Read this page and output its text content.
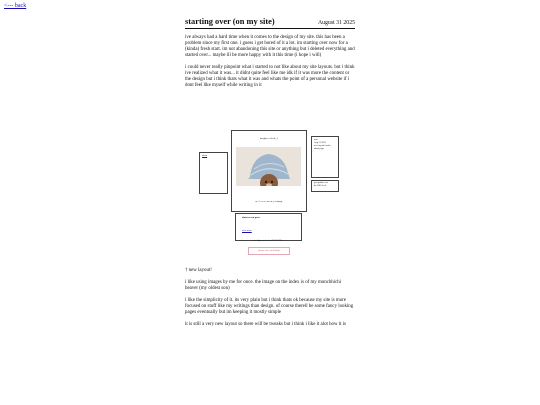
<--- back
starting over (on my site)	August 31 2025

ive always had a hard time when it comes to the design of my site. this has been a problem since my first one. i guess i get bored of it a lot. im starting over now for a (kinda) fresh start. im not abandoning this site or anything but i deleted everything and started over... maybe ill be more happy with it this time (i hope i will)

i could never really pinpoint what i started to not like about my site layouts. but i think ive realized what it was... it didnt quite feel like me idk if it was more the content or the design but i think thats what it was and whats the point of a personal website if i dont feel like myself while writing in it

about
daughter of kelly_2
m e l o n s s u n m y webpage
note
Aug 31 2025
new layout! under
about page
got updates via
the RSS feed
about recent posts
view more
site digi-notebook • 09 19 2025
please view on desktop

† new layout!

i like using images by me for once. the image on the index is of my monchhichi beaver (my oldest son)

i like the simplicity of it. its very plain but i think thats ok because my site is more focused on stuff like my writings than design. of course therell be some fancy looking pages eventually but im keeping it mostly simple

it is still a very new layout so there will be tweaks but i think i like it alot how it is
